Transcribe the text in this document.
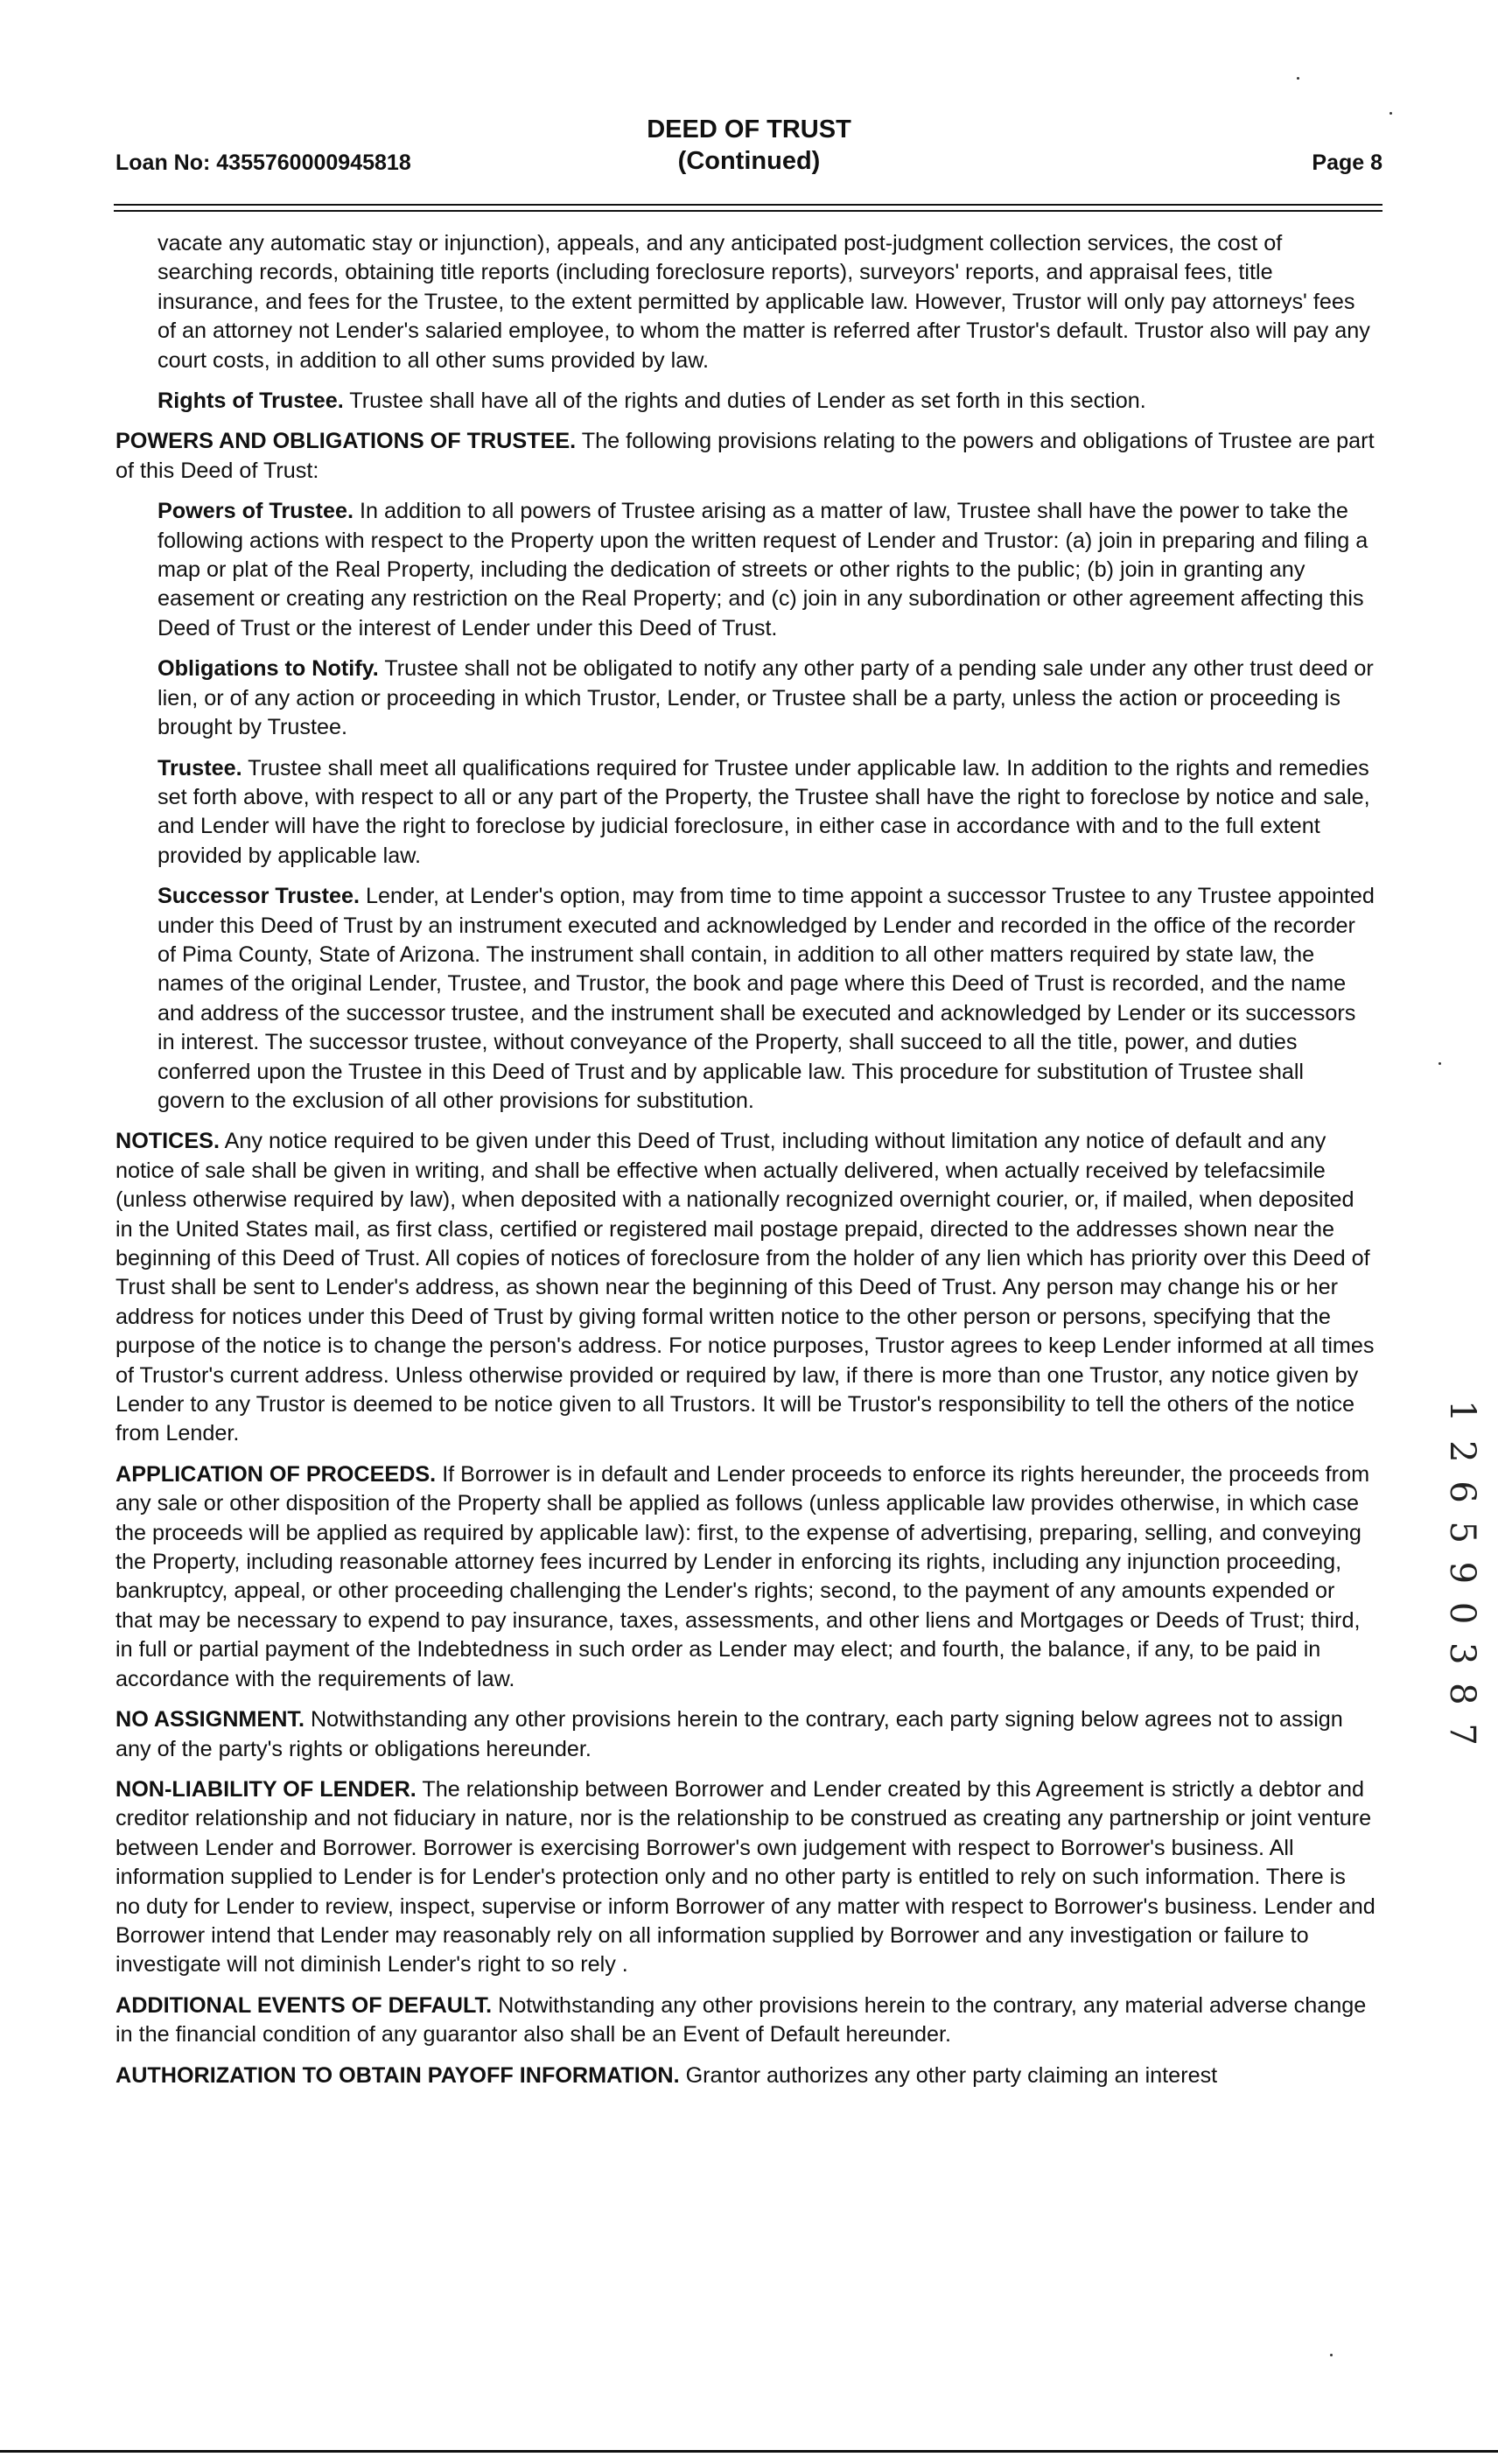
Loan No: 4355760000945818
DEED OF TRUST
(Continued)	Page 8

vacate any automatic stay or injunction), appeals, and any anticipated post-judgment collection services, the cost of searching records, obtaining title reports (including foreclosure reports), surveyors' reports, and appraisal fees, title insurance, and fees for the Trustee, to the extent permitted by applicable law. However, Trustor will only pay attorneys' fees of an attorney not Lender's salaried employee, to whom the matter is referred after Trustor's default. Trustor also will pay any court costs, in addition to all other sums provided by law.

Rights of Trustee. Trustee shall have all of the rights and duties of Lender as set forth in this section.

POWERS AND OBLIGATIONS OF TRUSTEE. The following provisions relating to the powers and obligations of Trustee are part of this Deed of Trust:

Powers of Trustee. In addition to all powers of Trustee arising as a matter of law, Trustee shall have the power to take the following actions with respect to the Property upon the written request of Lender and Trustor: (a) join in preparing and filing a map or plat of the Real Property, including the dedication of streets or other rights to the public; (b) join in granting any easement or creating any restriction on the Real Property; and (c) join in any subordination or other agreement affecting this Deed of Trust or the interest of Lender under this Deed of Trust.

Obligations to Notify. Trustee shall not be obligated to notify any other party of a pending sale under any other trust deed or lien, or of any action or proceeding in which Trustor, Lender, or Trustee shall be a party, unless the action or proceeding is brought by Trustee.

Trustee. Trustee shall meet all qualifications required for Trustee under applicable law. In addition to the rights and remedies set forth above, with respect to all or any part of the Property, the Trustee shall have the right to foreclose by notice and sale, and Lender will have the right to foreclose by judicial foreclosure, in either case in accordance with and to the full extent provided by applicable law.

Successor Trustee. Lender, at Lender's option, may from time to time appoint a successor Trustee to any Trustee appointed under this Deed of Trust by an instrument executed and acknowledged by Lender and recorded in the office of the recorder of Pima County, State of Arizona. The instrument shall contain, in addition to all other matters required by state law, the names of the original Lender, Trustee, and Trustor, the book and page where this Deed of Trust is recorded, and the name and address of the successor trustee, and the instrument shall be executed and acknowledged by Lender or its successors in interest. The successor trustee, without conveyance of the Property, shall succeed to all the title, power, and duties conferred upon the Trustee in this Deed of Trust and by applicable law. This procedure for substitution of Trustee shall govern to the exclusion of all other provisions for substitution.

NOTICES. Any notice required to be given under this Deed of Trust, including without limitation any notice of default and any notice of sale shall be given in writing, and shall be effective when actually delivered, when actually received by telefacsimile (unless otherwise required by law), when deposited with a nationally recognized overnight courier, or, if mailed, when deposited in the United States mail, as first class, certified or registered mail postage prepaid, directed to the addresses shown near the beginning of this Deed of Trust. All copies of notices of foreclosure from the holder of any lien which has priority over this Deed of Trust shall be sent to Lender's address, as shown near the beginning of this Deed of Trust. Any person may change his or her address for notices under this Deed of Trust by giving formal written notice to the other person or persons, specifying that the purpose of the notice is to change the person's address. For notice purposes, Trustor agrees to keep Lender informed at all times of Trustor's current address. Unless otherwise provided or required by law, if there is more than one Trustor, any notice given by Lender to any Trustor is deemed to be notice given to all Trustors. It will be Trustor's responsibility to tell the others of the notice from Lender.

APPLICATION OF PROCEEDS. If Borrower is in default and Lender proceeds to enforce its rights hereunder, the proceeds from any sale or other disposition of the Property shall be applied as follows (unless applicable law provides otherwise, in which case the proceeds will be applied as required by applicable law): first, to the expense of advertising, preparing, selling, and conveying the Property, including reasonable attorney fees incurred by Lender in enforcing its rights, including any injunction proceeding, bankruptcy, appeal, or other proceeding challenging the Lender's rights; second, to the payment of any amounts expended or that may be necessary to expend to pay insurance, taxes, assessments, and other liens and Mortgages or Deeds of Trust; third, in full or partial payment of the Indebtedness in such order as Lender may elect; and fourth, the balance, if any, to be paid in accordance with the requirements of law.

NO ASSIGNMENT. Notwithstanding any other provisions herein to the contrary, each party signing below agrees not to assign any of the party's rights or obligations hereunder.

NON-LIABILITY OF LENDER. The relationship between Borrower and Lender created by this Agreement is strictly a debtor and creditor relationship and not fiduciary in nature, nor is the relationship to be construed as creating any partnership or joint venture between Lender and Borrower. Borrower is exercising Borrower's own judgement with respect to Borrower's business. All information supplied to Lender is for Lender's protection only and no other party is entitled to rely on such information. There is no duty for Lender to review, inspect, supervise or inform Borrower of any matter with respect to Borrower's business. Lender and Borrower intend that Lender may reasonably rely on all information supplied by Borrower and any investigation or failure to investigate will not diminish Lender's right to so rely .

ADDITIONAL EVENTS OF DEFAULT. Notwithstanding any other provisions herein to the contrary, any material adverse change in the financial condition of any guarantor also shall be an Event of Default hereunder.

AUTHORIZATION TO OBTAIN PAYOFF INFORMATION. Grantor authorizes any other party claiming an interest

1 2 6 5 9 0 3 8 7
